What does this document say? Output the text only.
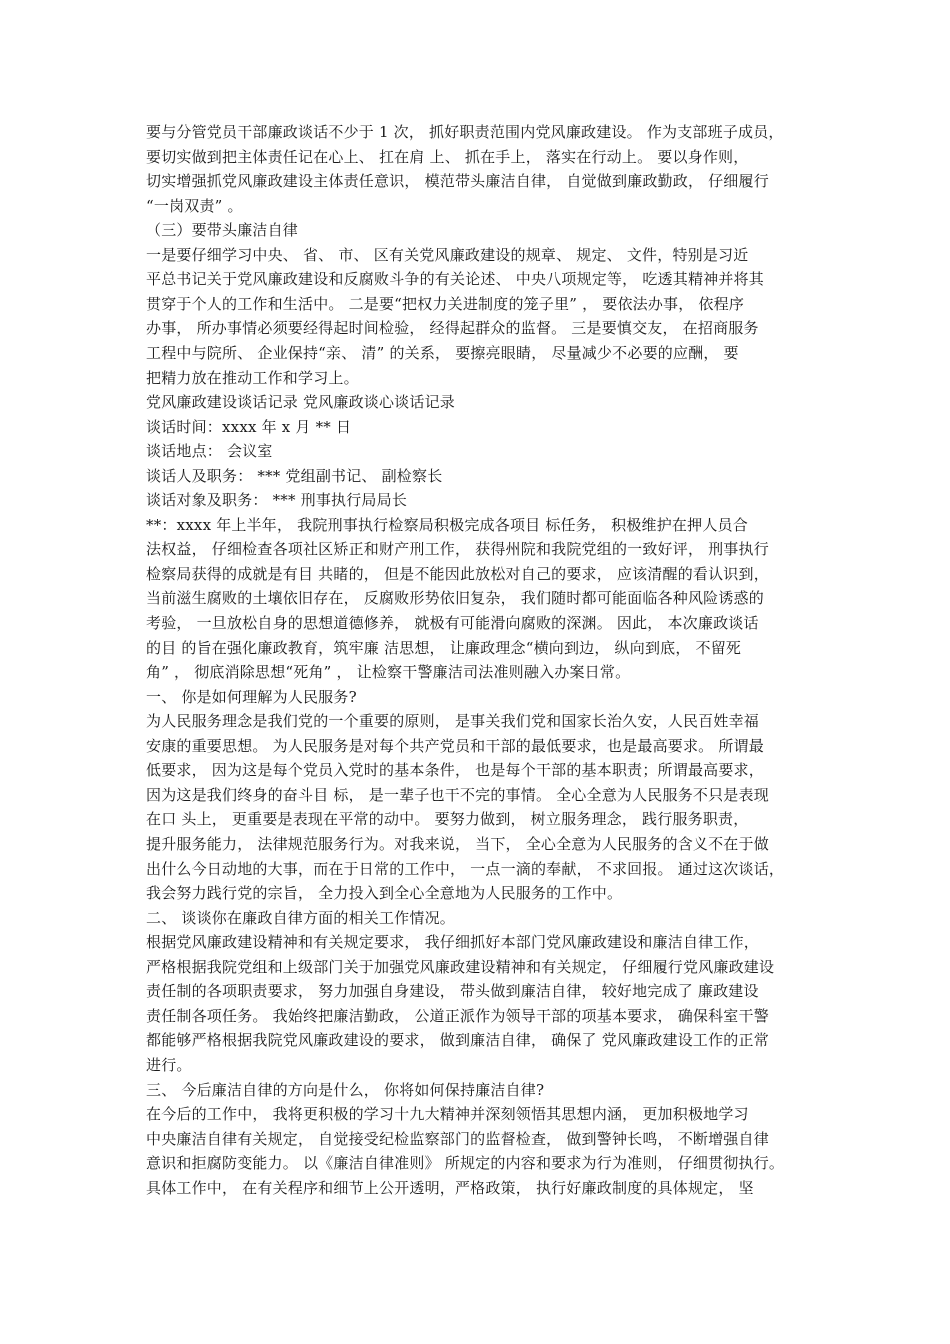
要与分管党员干部廉政谈话不少于 1 次， 抓好职责范围内党风廉政建设。 作为支部班子成员，
要切实做到把主体责任记在心上、 扛在肩 上、 抓在手上， 落实在行动上。 要以身作则，
切实增强抓党风廉政建设主体责任意识， 模范带头廉洁自律， 自觉做到廉政勤政， 仔细履行
“一岗双责” 。
（三）要带头廉洁自律
一是要仔细学习中央、 省、 市、 区有关党风廉政建设的规章、 规定、 文件，特别是习近
平总书记关于党风廉政建设和反腐败斗争的有关论述、 中央八项规定等， 吃透其精神并将其
贯穿于个人的工作和生活中。 二是要“把权力关进制度的笼子里” ， 要依法办事， 依程序
办事， 所办事情必须要经得起时间检验， 经得起群众的监督。 三是要慎交友， 在招商服务
工程中与院所、 企业保持“亲、 清” 的关系， 要擦亮眼睛， 尽量减少不必要的应酬， 要
把精力放在推动工作和学习上。
党风廉政建设谈话记录 党风廉政谈心谈话记录
谈话时间：xxxx 年 x 月 ** 日
谈话地点： 会议室
谈话人及职务： *** 党组副书记、 副检察长
谈话对象及职务： *** 刑事执行局局长
**：xxxx 年上半年， 我院刑事执行检察局积极完成各项目 标任务， 积极维护在押人员合
法权益， 仔细检查各项社区矫正和财产刑工作， 获得州院和我院党组的一致好评， 刑事执行
检察局获得的成就是有目 共睹的， 但是不能因此放松对自己的要求， 应该清醒的看认识到，
当前滋生腐败的土壤依旧存在， 反腐败形势依旧复杂， 我们随时都可能面临各种风险诱惑的
考验， 一旦放松自身的思想道德修养， 就极有可能滑向腐败的深渊。 因此， 本次廉政谈话
的目 的旨在强化廉政教育，筑牢廉 洁思想， 让廉政理念“横向到边， 纵向到底， 不留死
角” ， 彻底消除思想“死角” ， 让检察干警廉洁司法准则融入办案日常。
一、 你是如何理解为人民服务?
为人民服务理念是我们党的一个重要的原则， 是事关我们党和国家长治久安，人民百姓幸福
安康的重要思想。 为人民服务是对每个共产党员和干部的最低要求，也是最高要求。 所谓最
低要求， 因为这是每个党员入党时的基本条件， 也是每个干部的基本职责；所谓最高要求，
因为这是我们终身的奋斗目 标， 是一辈子也干不完的事情。 全心全意为人民服务不只是表现
在口 头上， 更重要是表现在平常的动中。 要努力做到， 树立服务理念， 践行服务职责，
提升服务能力， 法律规范服务行为。对我来说， 当下， 全心全意为人民服务的含义不在于做
出什么今日动地的大事，而在于日常的工作中， 一点一滴的奉献， 不求回报。 通过这次谈话，
我会努力践行党的宗旨， 全力投入到全心全意地为人民服务的工作中。
二、 谈谈你在廉政自律方面的相关工作情况。
根据党风廉政建设精神和有关规定要求， 我仔细抓好本部门党风廉政建设和廉洁自律工作，
严格根据我院党组和上级部门关于加强党风廉政建设精神和有关规定， 仔细履行党风廉政建设
责任制的各项职责要求， 努力加强自身建设， 带头做到廉洁自律， 较好地完成了 廉政建设
责任制各项任务。 我始终把廉洁勤政， 公道正派作为领导干部的项基本要求， 确保科室干警
都能够严格根据我院党风廉政建设的要求， 做到廉洁自律， 确保了 党风廉政建设工作的正常
进行。
三、 今后廉洁自律的方向是什么， 你将如何保持廉洁自律?
在今后的工作中， 我将更积极的学习十九大精神并深刻领悟其思想内涵， 更加积极地学习
中央廉洁自律有关规定， 自觉接受纪检监察部门的监督检查， 做到警钟长鸣， 不断增强自律
意识和拒腐防变能力。 以《廉洁自律准则》 所规定的内容和要求为行为准则， 仔细贯彻执行。
具体工作中， 在有关程序和细节上公开透明，严格政策， 执行好廉政制度的具体规定， 坚
